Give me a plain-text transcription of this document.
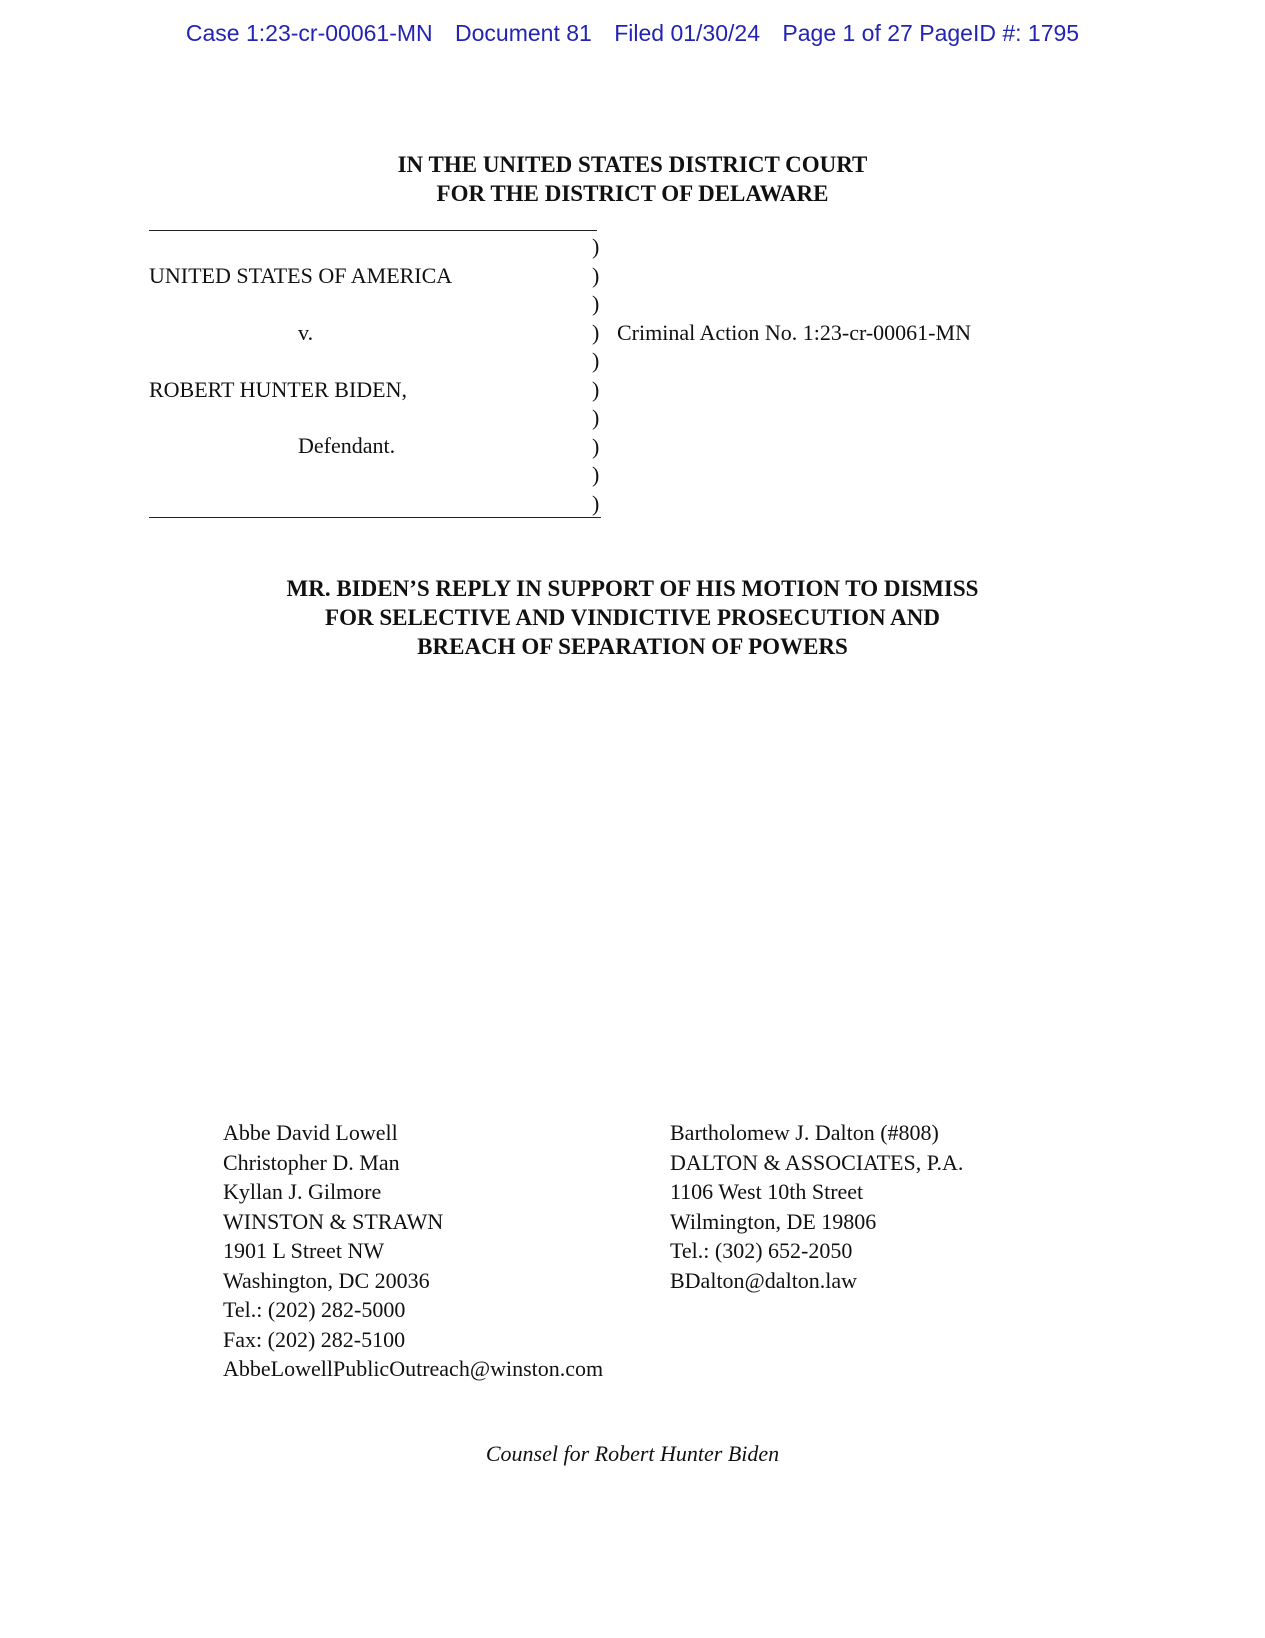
Case 1:23-cr-00061-MN Document 81 Filed 01/30/24 Page 1 of 27 PageID #: 1795
IN THE UNITED STATES DISTRICT COURT
FOR THE DISTRICT OF DELAWARE
)
)
)
)
)
)
)
)
)
)
UNITED STATES OF AMERICA
v.
ROBERT HUNTER BIDEN,
Defendant.
Criminal Action No. 1:23-cr-00061-MN
MR. BIDEN’S REPLY IN SUPPORT OF HIS MOTION TO DISMISS
FOR SELECTIVE AND VINDICTIVE PROSECUTION AND
BREACH OF SEPARATION OF POWERS
Abbe David Lowell
Christopher D. Man
Kyllan J. Gilmore
WINSTON & STRAWN
1901 L Street NW
Washington, DC 20036
Tel.: (202) 282-5000
Fax: (202) 282-5100
AbbeLowellPublicOutreach@winston.com
Bartholomew J. Dalton (#808)
DALTON & ASSOCIATES, P.A.
1106 West 10th Street
Wilmington, DE 19806
Tel.: (302) 652-2050
BDalton@dalton.law
Counsel for Robert Hunter Biden
